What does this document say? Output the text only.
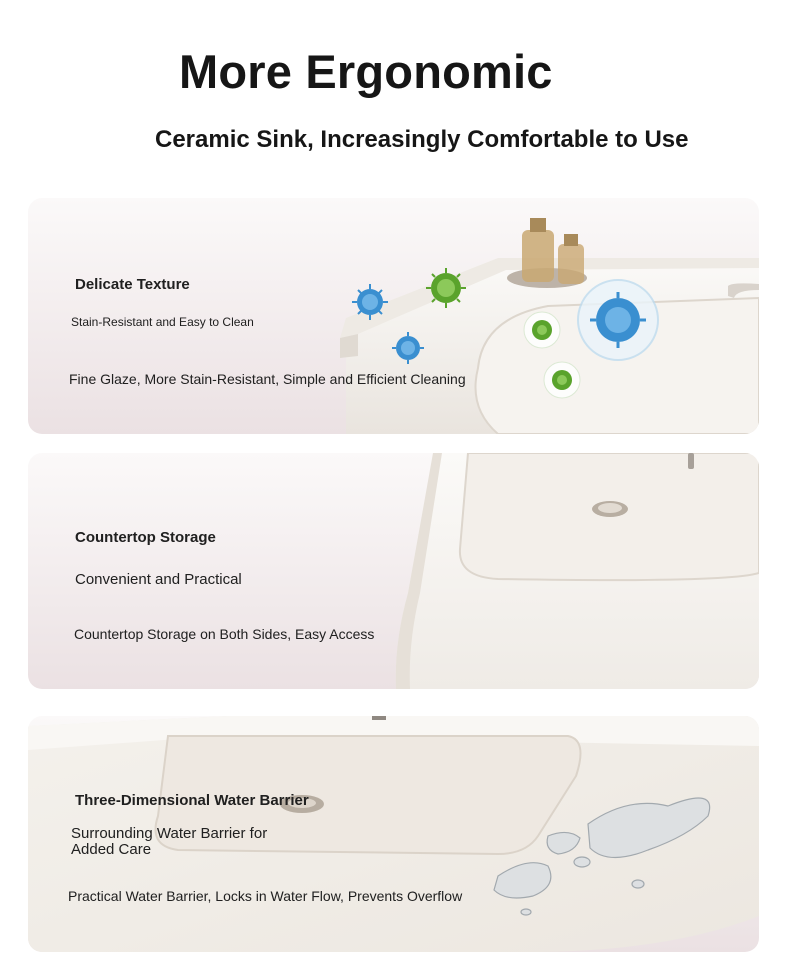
More Ergonomic
Ceramic Sink, Increasingly Comfortable to Use
Delicate Texture
Stain-Resistant and Easy to Clean
Fine Glaze, More Stain-Resistant, Simple and Efficient Cleaning
Countertop Storage
Convenient and Practical
Countertop Storage on Both Sides, Easy Access
Three-Dimensional Water Barrier
Surrounding Water Barrier for
Added Care
Practical Water Barrier, Locks in Water Flow, Prevents Overflow
